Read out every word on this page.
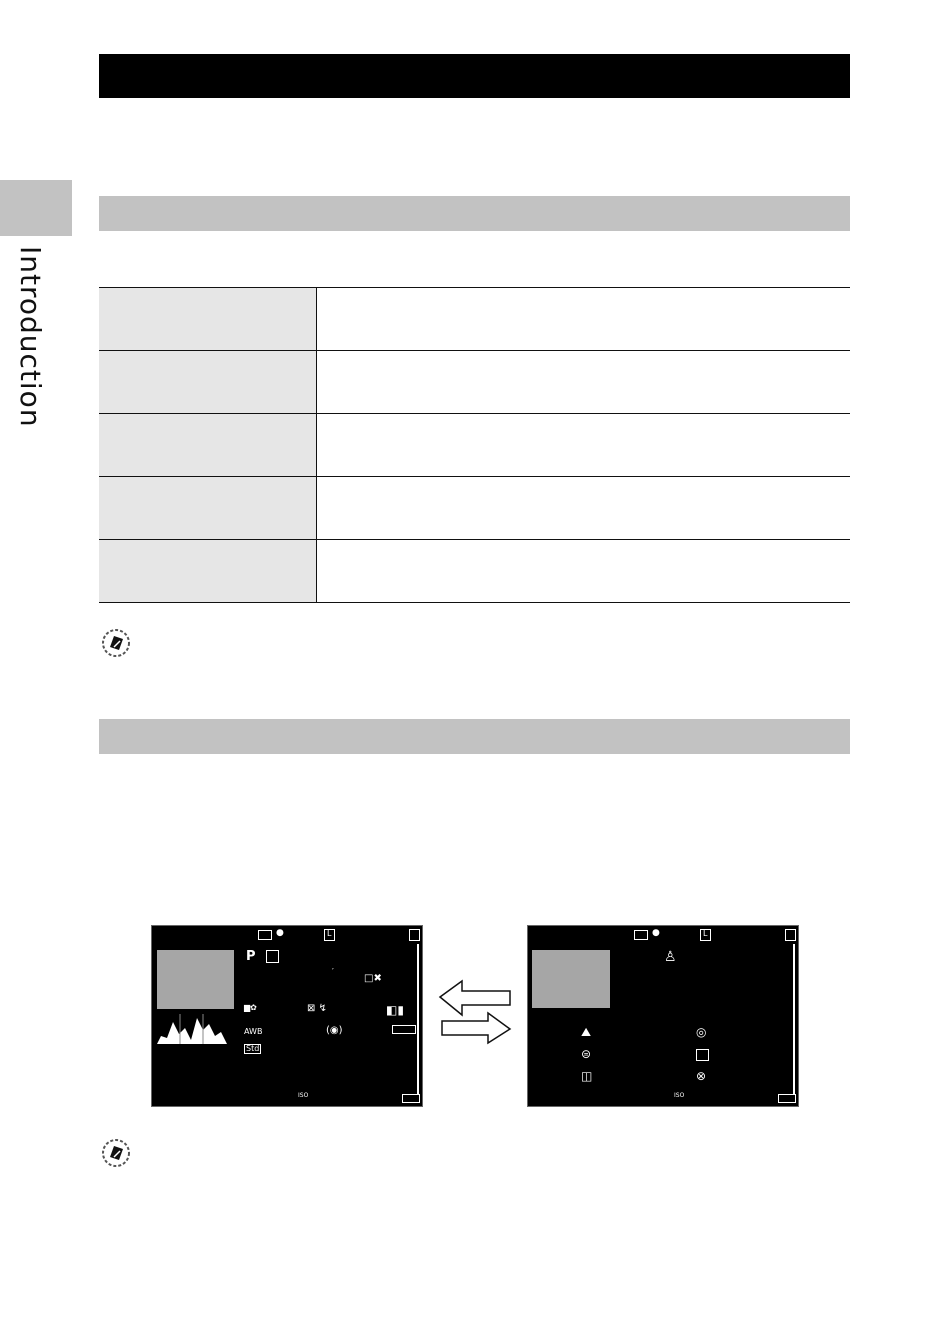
Introduction
●	L
P
′
□✖
▆✿	⊠ ↯	◧▮
AWB	(◉)
Std
ISO
●	L
♙
⛰	◎
⊜
◫	⊗
ISO
